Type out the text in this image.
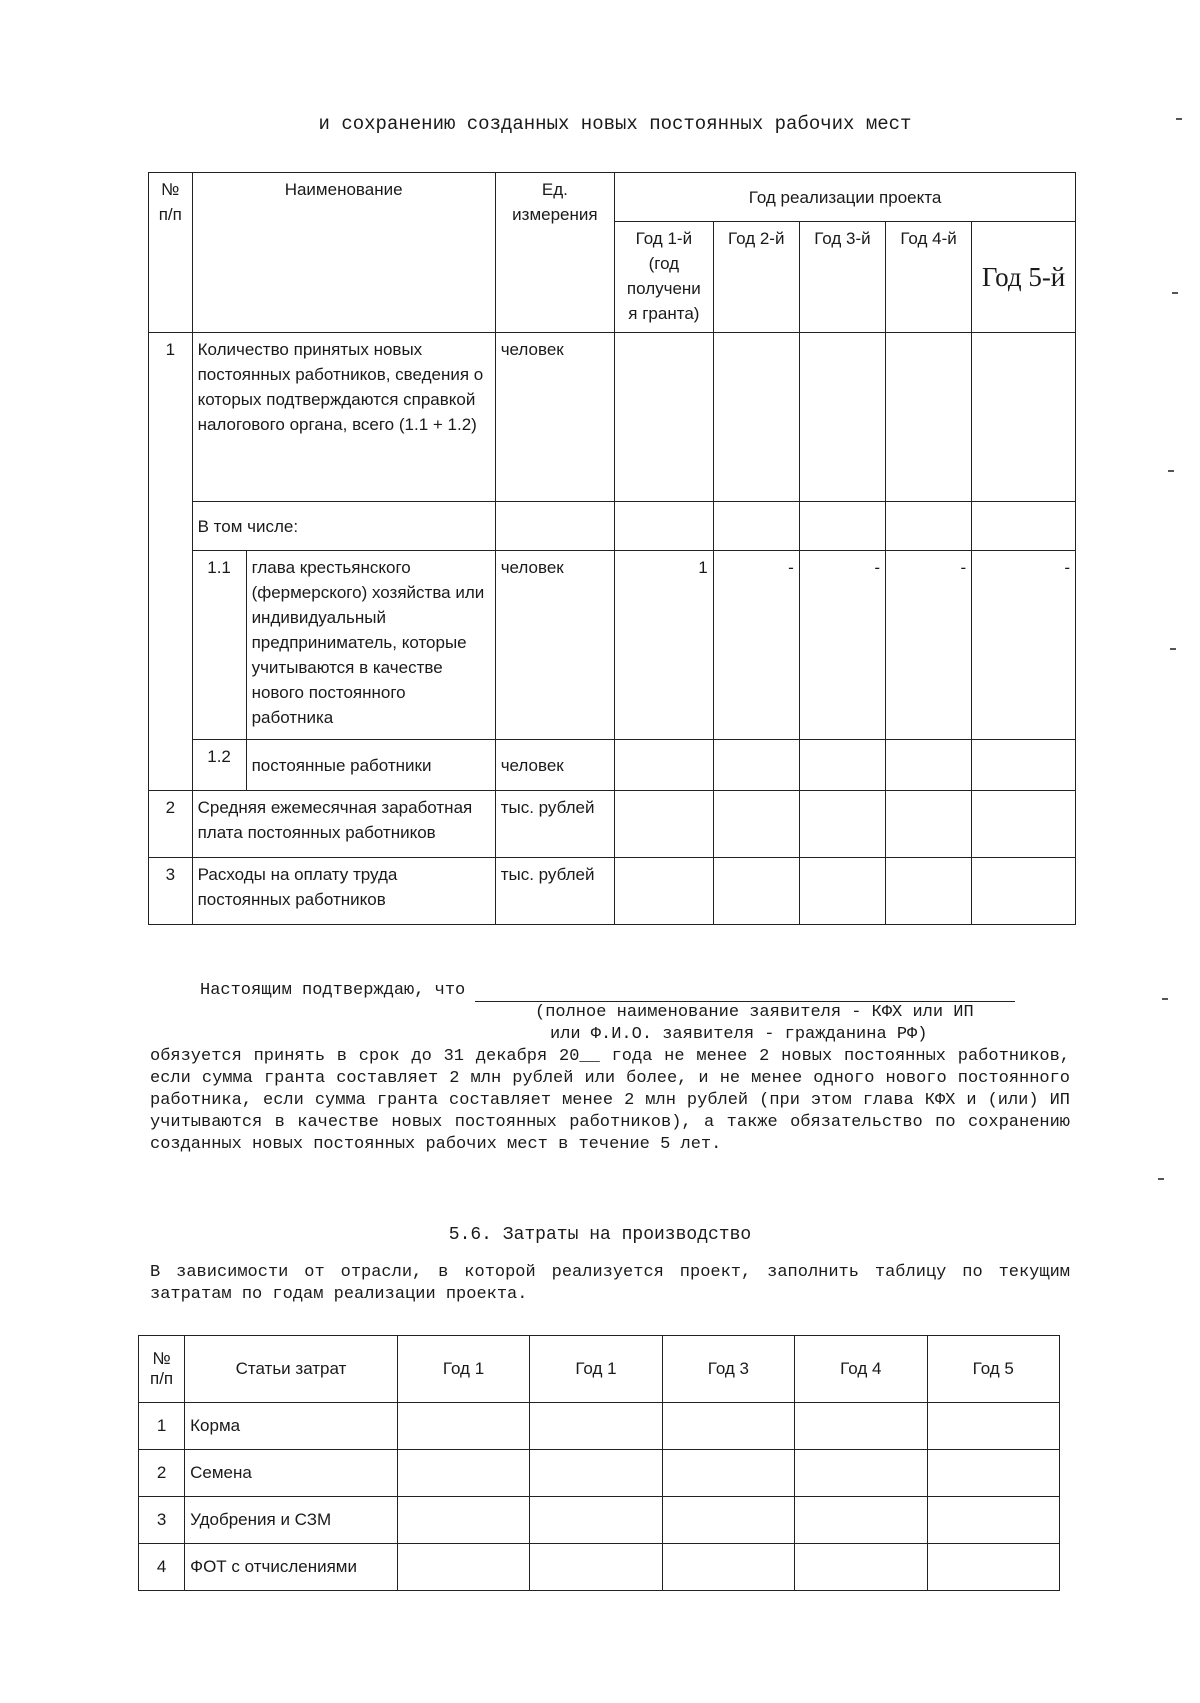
и сохранению созданных новых постоянных рабочих мест
№ п/п	Наименование		Ед. измерения	Год реализации проекта				
				Год 1-й (год получени я гранта)	Год 2-й	Год 3-й	Год 4-й	Год 5-й
1	Количество принятых новых постоянных работников, сведения о которых подтверждаются справкой налогового органа, всего (1.1 + 1.2)		человек					
	В том числе:							
	1.1	глава крестьянского (фермерского) хозяйства или индивидуальный предприниматель, которые учитываются в качестве нового постоянного работника	человек	1	-	-	-	-
	1.2	постоянные работники	человек					
2	Средняя ежемесячная заработная плата постоянных работников		тыс. рублей					
3	Расходы на оплату труда постоянных работников		тыс. рублей					
Настоящим подтверждаю, что
(полное наименование заявителя - КФХ или ИП
или Ф.И.О. заявителя - гражданина РФ)
обязуется принять в срок до 31 декабря 20__ года не менее 2 новых постоянных работников, если сумма гранта составляет 2 млн рублей или более, и не менее одного нового постоянного работника, если сумма гранта составляет менее 2 млн рублей (при этом глава КФХ и (или) ИП учитываются в качестве новых постоянных работников), а также обязательство по сохранению созданных новых постоянных рабочих мест в течение 5 лет.
5.6. Затраты на производство
В зависимости от отрасли, в которой реализуется проект, заполнить таблицу по текущим затратам по годам реализации проекта.
№ п/п	Статьи затрат	Год 1	Год 1	Год 3	Год 4	Год 5
1	Корма					
2	Семена					
3	Удобрения и СЗМ					
4	ФОТ с отчислениями					
